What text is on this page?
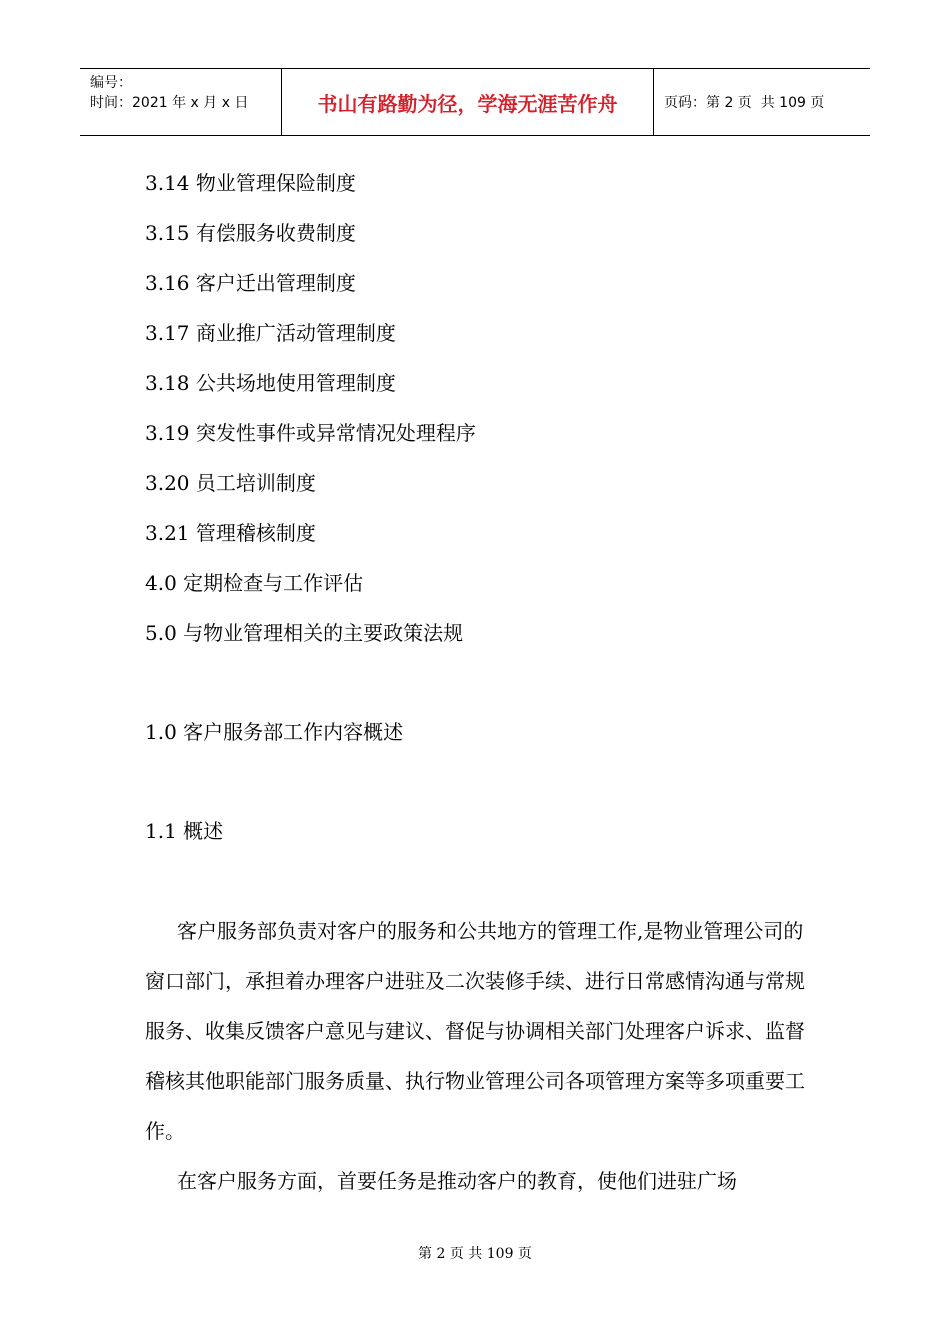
编号：
时间：2021 年 x 月 x 日	书山有路勤为径，学海无涯苦作舟	页码：第 2 页  共 109 页
3.14 物业管理保险制度
3.15 有偿服务收费制度
3.16 客户迁出管理制度
3.17 商业推广活动管理制度
3.18 公共场地使用管理制度
3.19 突发性事件或异常情况处理程序
3.20 员工培训制度
3.21 管理稽核制度
4.0 定期检查与工作评估
5.0 与物业管理相关的主要政策法规
1.0 客户服务部工作内容概述
1.1 概述

客户服务部负责对客户的服务和公共地方的管理工作,是物业管理公司的窗口部门，承担着办理客户进驻及二次装修手续、进行日常感情沟通与常规服务、收集反馈客户意见与建议、督促与协调相关部门处理客户诉求、监督稽核其他职能部门服务质量、执行物业管理公司各项管理方案等多项重要工作。

在客户服务方面，首要任务是推动客户的教育，使他们进驻广场

第 2 页 共 109 页
